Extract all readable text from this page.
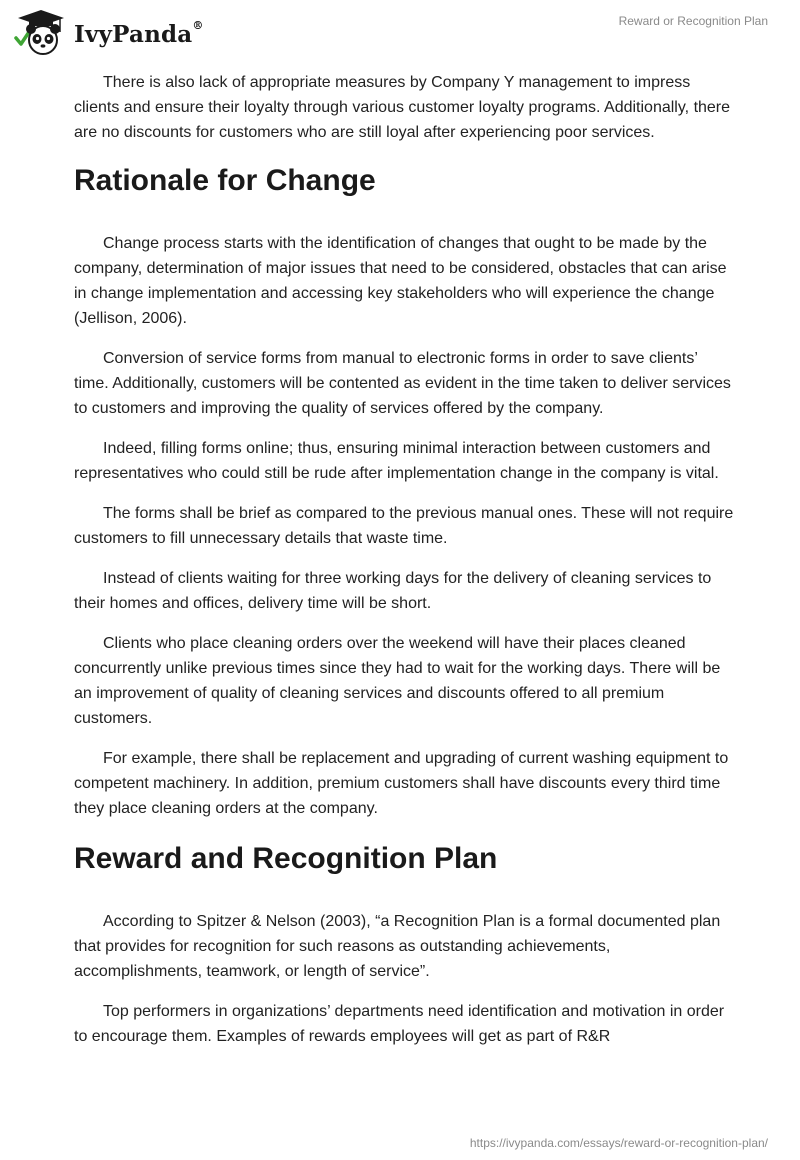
IvyPanda®	Reward or Recognition Plan

There is also lack of appropriate measures by Company Y management to impress clients and ensure their loyalty through various customer loyalty programs. Additionally, there are no discounts for customers who are still loyal after experiencing poor services.

Rationale for Change

Change process starts with the identification of changes that ought to be made by the company, determination of major issues that need to be considered, obstacles that can arise in change implementation and accessing key stakeholders who will experience the change (Jellison, 2006).

Conversion of service forms from manual to electronic forms in order to save clients’ time. Additionally, customers will be contented as evident in the time taken to deliver services to customers and improving the quality of services offered by the company.

Indeed, filling forms online; thus, ensuring minimal interaction between customers and representatives who could still be rude after implementation change in the company is vital.

The forms shall be brief as compared to the previous manual ones. These will not require customers to fill unnecessary details that waste time.

Instead of clients waiting for three working days for the delivery of cleaning services to their homes and offices, delivery time will be short.

Clients who place cleaning orders over the weekend will have their places cleaned concurrently unlike previous times since they had to wait for the working days. There will be an improvement of quality of cleaning services and discounts offered to all premium customers.

For example, there shall be replacement and upgrading of current washing equipment to competent machinery. In addition, premium customers shall have discounts every third time they place cleaning orders at the company.

Reward and Recognition Plan

According to Spitzer & Nelson (2003), “a Recognition Plan is a formal documented plan that provides for recognition for such reasons as outstanding achievements, accomplishments, teamwork, or length of service”.

Top performers in organizations’ departments need identification and motivation in order to encourage them. Examples of rewards employees will get as part of R&R

https://ivypanda.com/essays/reward-or-recognition-plan/
